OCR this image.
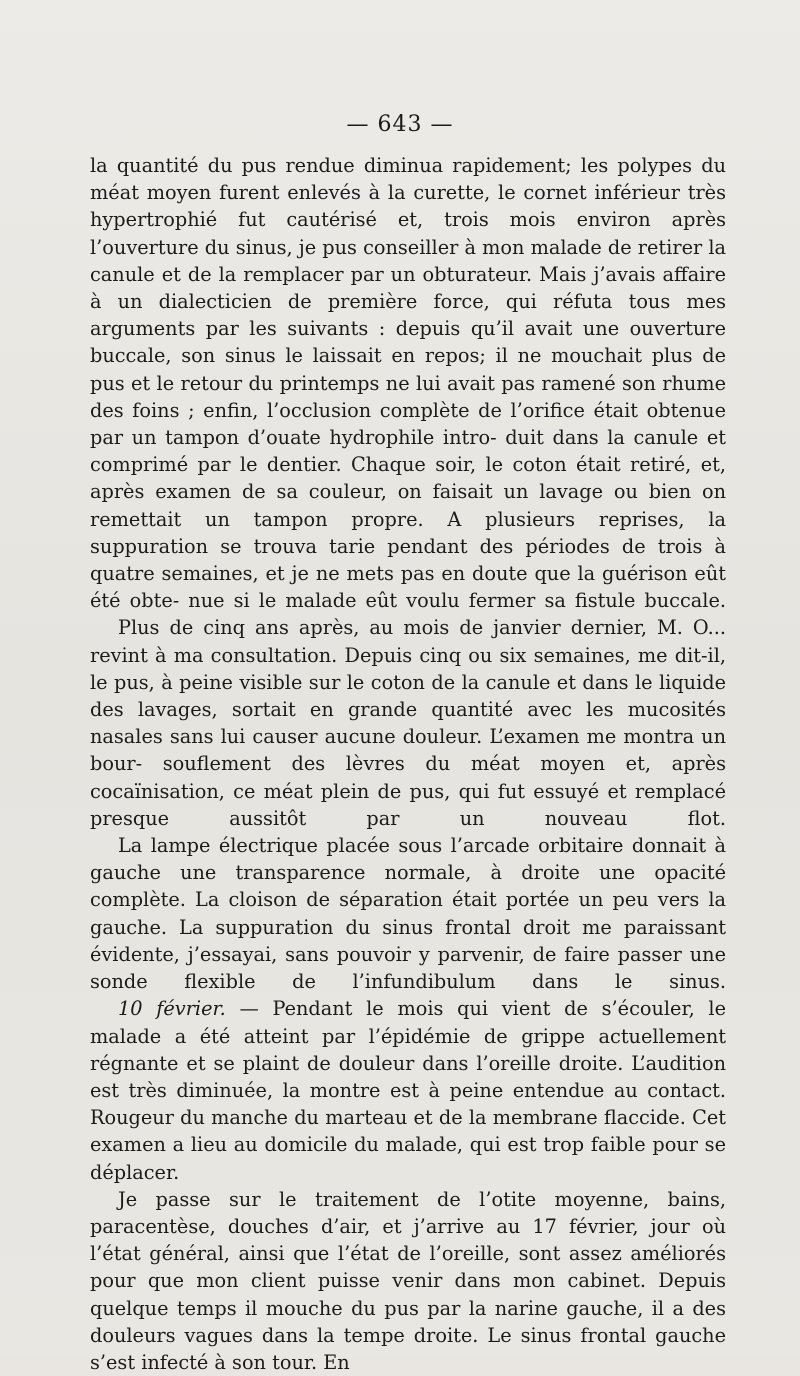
— 643 —

la quantité du pus rendue diminua rapidement; les polypes du méat moyen furent enlevés à la curette, le cornet inférieur très hypertrophié fut cautérisé et, trois mois environ après l’ouverture du sinus, je pus conseiller à mon malade de retirer la canule et de la remplacer par un obturateur. Mais j’avais affaire à un dialecticien de première force, qui réfuta tous mes arguments par les suivants : depuis qu’il avait une ouverture buccale, son sinus le laissait en repos; il ne mouchait plus de pus et le retour du printemps ne lui avait pas ramené son rhume des foins ; enfin, l’occlusion complète de l’orifice était obtenue par un tampon d’ouate hydrophile intro- duit dans la canule et comprimé par le dentier. Chaque soir, le coton était retiré, et, après examen de sa couleur, on faisait un lavage ou bien on remettait un tampon propre. A plusieurs reprises, la suppuration se trouva tarie pendant des périodes de trois à quatre semaines, et je ne mets pas en doute que la guérison eût été obte- nue si le malade eût voulu fermer sa fistule buccale.

Plus de cinq ans après, au mois de janvier dernier, M. O... revint à ma consultation. Depuis cinq ou six semaines, me dit-il, le pus, à peine visible sur le coton de la canule et dans le liquide des lavages, sortait en grande quantité avec les mucosités nasales sans lui causer aucune douleur. L’examen me montra un bour- souflement des lèvres du méat moyen et, après cocaïnisation, ce méat plein de pus, qui fut essuyé et remplacé presque aussitôt par	un nouveau flot.

La lampe électrique placée sous l’arcade orbitaire donnait à gauche une transparence normale, à droite une opacité complète. La cloison de séparation était portée un peu vers la gauche. La suppuration du sinus frontal droit me paraissant évidente, j’essayai, sans pouvoir y parvenir, de faire passer une sonde flexible de l’infundibulum dans le sinus.

10 février. — Pendant le mois qui vient de s’écouler, le malade a été atteint par l’épidémie de grippe actuellement régnante et se plaint de douleur dans l’oreille droite. L’audition est très diminuée, la montre est à peine entendue au contact. Rougeur du manche du marteau et de la membrane flaccide. Cet examen a lieu au domicile du malade, qui est trop faible pour se déplacer.

Je passe sur le traitement de l’otite moyenne, bains, paracentèse, douches d’air, et j’arrive au 17 février, jour où l’état général, ainsi que l’état de l’oreille, sont assez améliorés pour que mon client puisse venir dans mon cabinet. Depuis quelque temps il mouche du pus par la narine gauche, il a des douleurs vagues dans la tempe droite. Le sinus frontal gauche s’est infecté à son tour. En
